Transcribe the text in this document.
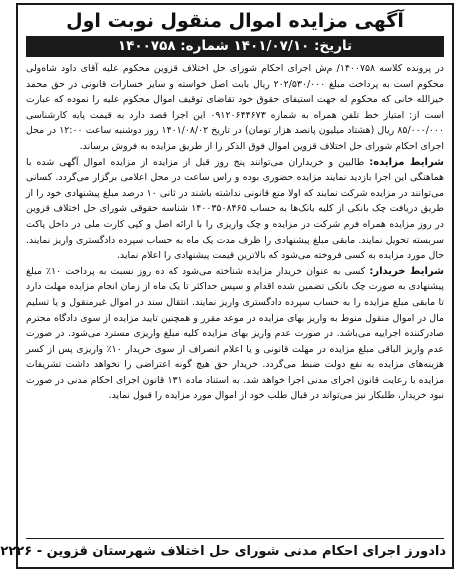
آگهی مزایده اموال منقول نوبت اول
تاریخ: ۱۴۰۱/۰۷/۱۰ شماره: ۱۴۰۰۷۵۸

در پرونده کلاسه ۱۴۰۰۷۵۸/ م‌ش اجرای احکام شورای حل اختلاف قزوین محکوم علیه آقای داود شاه‌ولی محکوم است به پرداخت مبلغ ۲۰۲/۵۳۰/۰۰۰ ریال بابت اصل خواسته و سایر خسارات قانونی در حق محمد خیرالله خانی که محکوم له جهت استیفای حقوق خود تقاضای توقیف اموال محکوم علیه را نموده که عبارت است از: امتیاز خط تلفن همراه به شماره ۰۹۱۲۰۶۴۴۶۷۳ این اجرا قصد دارد به قیمت پایه کارشناسی ۸۵/۰۰۰/۰۰۰ ریال (هشتاد میلیون پانصد هزار تومان) در تاریخ ۱۴۰۱/۰۸/۰۲ روز دوشنبه ساعت ۱۲:۰۰ در محل اجرای احکام شورای حل اختلاف قزوین اموال فوق الذکر را از طریق مزایده به فروش برساند.

شرایط مزایده: طالبین و خریداران می‌توانند پنج روز قبل از مزایده از مزایده اموال آگهی شده با هماهنگی این اجرا بازدید نمایند مزایده حضوری بوده و راس ساعت در محل اعلامی برگزار می‌گردد. کسانی می‌توانند در مزایده شرکت نمایند که اولا منع قانونی نداشته باشند در ثانی ۱۰ درصد مبلغ پیشنهادی خود را از طریق دریافت چک بانکی از کلیه بانک‌ها به حساب ۱۴۰۰۳۵۰۸۴۶۵ شناسه حقوقی شورای حل اختلاف قزوین در روز مزایده همراه فرم شرکت در مزایده و چک واریزی را با ارائه اصل و کپی کارت ملی در داخل پاکت سربسته تحویل نمایند. مابقی مبلغ پیشنهادی را ظرف مدت یک ماه به حساب سپرده دادگستری واریز نمایند. حال مورد مزایده به کسی فروخته می‌شود که بالاترین قیمت پیشنهادی را اعلام نماید.

شرایط خریدار: کسی به عنوان خریدار مزایده شناخته می‌شود که ده روز نسبت به پرداخت ۱۰٪ مبلغ پیشنهادی به صورت چک بانکی تضمین شده اقدام و سپس حداکثر تا یک ماه از زمان انجام مزایده مهلت دارد تا مابقی مبلغ مزایده را به حساب سپرده دادگستری واریز نمایند. انتقال سند در اموال غیرمنقول و یا تسلیم مال در اموال منقول منوط به واریز بهای مزایده در موعد مقرر و همچنین تایید مزایده از سوی دادگاه محترم صادرکننده اجراییه می‌باشد. در صورت عدم واریز بهای مزایده کلیه مبلغ واریزی مسترد می‌شود. در صورت عدم واریز الباقی مبلغ مزایده در مهلت قانونی و یا اعلام انصراف از سوی خریدار ۱۰٪ واریزی پس از کسر هزینه‌های مزایده به نفع دولت ضبط می‌گردد. خریدار حق هیچ گونه اعتراضی را نخواهد داشت تشریفات مزایده با رعایت قانون اجرای مدنی اجرا خواهد شد. به استناد ماده ۱۳۱ قانون اجرای احکام مدنی در صورت نبود خریدار، طلبکار نیز می‌تواند در قبال طلب خود از اموال مورد مزایده را قبول نماید.

دادورز اجرای احکام مدنی شورای حل اختلاف شهرستان قزوین - ۲۲۲۶
